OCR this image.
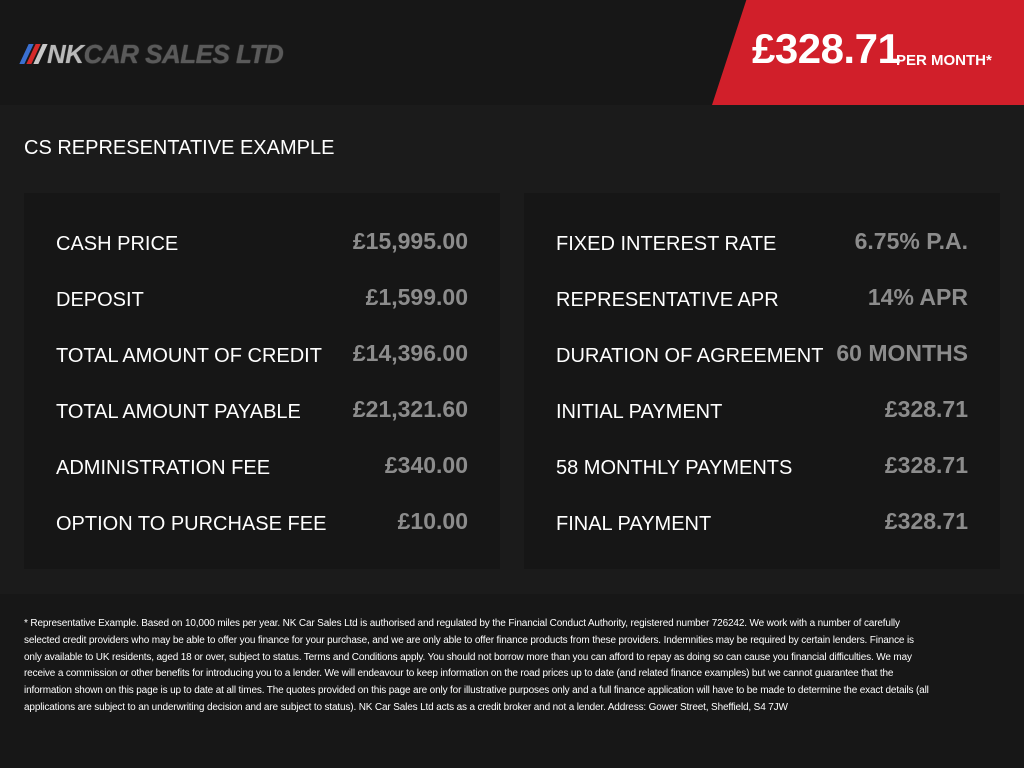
NKCAR SALES LTD	£328.71
PER MONTH*
CS REPRESENTATIVE EXAMPLE
CASH PRICE	£15,995.00
DEPOSIT	£1,599.00
TOTAL AMOUNT OF CREDIT £14,396.00
TOTAL AMOUNT PAYABLE £21,321.60
ADMINISTRATION FEE	£340.00
OPTION TO PURCHASE FEE	£10.00
FIXED INTEREST RATE	6.75% P.A.
REPRESENTATIVE APR	14% APR
DURATION OF AGREEMENT 60 MONTHS
INITIAL PAYMENT	£328.71
58 MONTHLY PAYMENTS	£328.71
FINAL PAYMENT	£328.71
* Representative Example. Based on 10,000 miles per year. NK Car Sales Ltd is authorised and regulated by the Financial Conduct Authority, registered number 726242. We work with a number of carefully selected credit providers who may be able to offer you finance for your purchase, and we are only able to offer finance products from these providers. Indemnities may be required by certain lenders. Finance is only available to UK residents, aged 18 or over, subject to status. Terms and Conditions apply. You should not borrow more than you can afford to repay as doing so can cause you financial difficulties. We may receive a commission or other benefits for introducing you to a lender. We will endeavour to keep information on the road prices up to date (and related finance examples) but we cannot guarantee that the information shown on this page is up to date at all times. The quotes provided on this page are only for illustrative purposes only and a full finance application will have to be made to determine the exact details (all applications are subject to an underwriting decision and are subject to status). NK Car Sales Ltd acts as a credit broker and not a lender. Address: Gower Street, Sheffield, S4 7JW
